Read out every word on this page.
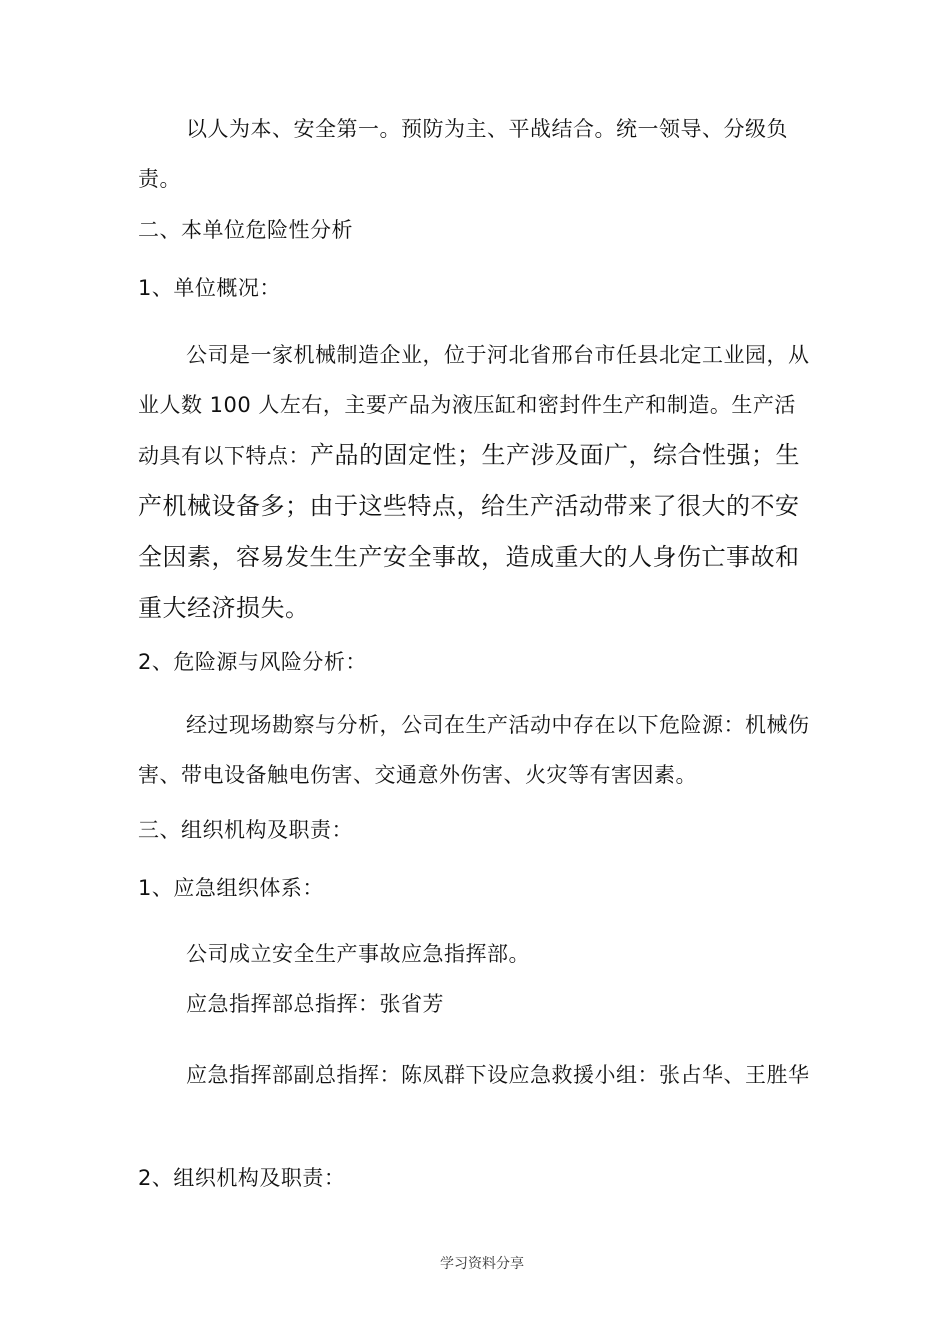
以人为本、安全第一。预防为主、平战结合。统一领导、分级负责。

二、本单位危险性分析

1、单位概况：

公司是一家机械制造企业，位于河北省邢台市任县北定工业园，从业人数 100 人左右，主要产品为液压缸和密封件生产和制造。生产活动具有以下特点：产品的固定性；生产涉及面广，综合性强；生产机械设备多；由于这些特点，给生产活动带来了很大的不安全因素，容易发生生产安全事故，造成重大的人身伤亡事故和重大经济损失。

2、危险源与风险分析：

经过现场勘察与分析，公司在生产活动中存在以下危险源：机械伤害、带电设备触电伤害、交通意外伤害、火灾等有害因素。

三、组织机构及职责：

1、应急组织体系：

公司成立安全生产事故应急指挥部。

应急指挥部总指挥：张省芳

应急指挥部副总指挥：陈凤群下设应急救援小组：张占华、王胜华

2、组织机构及职责：

学习资料分享
